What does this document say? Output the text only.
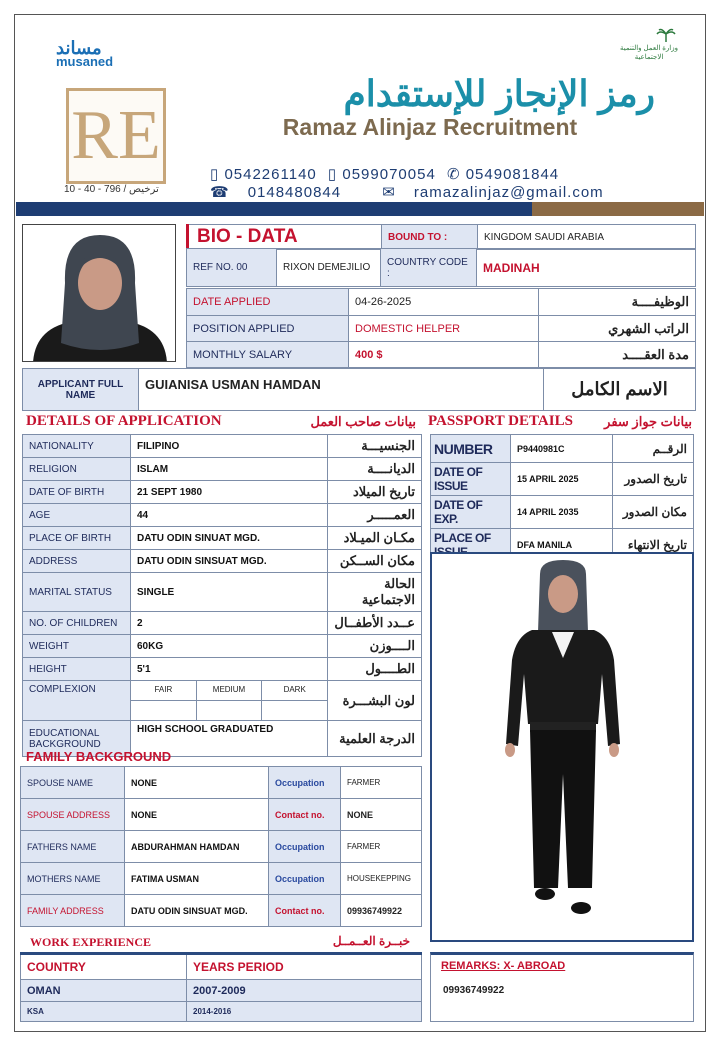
مساند
musaned
وزارة العمل والتنمية الاجتماعية
RE
ترخيص / 796 - 40 - 10
رمز الإنجاز للإستقدام
Ramaz Alinjaz Recruitment
▯ 0542261140 ▯ 0599070054 ✆ 0549081844
☎ 0148480844	✉ ramazalinjaz@gmail.com
BIO - DATA	BOUND TO :	KINGDOM SAUDI ARABIA
REF NO. 00	RIXON DEMEJILIO	COUNTRY CODE :	MADINAH
DATE APPLIED	04-26-2025	الوظيفــــة
POSITION APPLIED	DOMESTIC HELPER	الراتب الشهري
MONTHLY SALARY	400 $	مدة العقــــد
APPLICANT FULL NAME	GUIANISA USMAN HAMDAN	الاسم الكامل
DETAILS OF APPLICATION	بيانات صاحب العمل PASSPORT DETAILS	بيانات جواز سفر
NATIONALITY	FILIPINO	الجنسيـــة
RELIGION	ISLAM	الديانــــة
DATE OF BIRTH	21 SEPT 1980	تاريخ الميلاد
AGE	44	العمـــــر
PLACE OF BIRTH	DATU ODIN SINUAT MGD.	مكـان الميـلاد
ADDRESS	DATU ODIN SINSUAT MGD.	مكان الســكن
MARITAL STATUS	SINGLE	الحالة الاجتماعية
NO. OF CHILDREN	2	عــدد الأطفــال
WEIGHT	60KG	الــــوزن
HEIGHT	5'1	الطــــول
COMPLEXION	FAIR MEDIUM DARK	لون البشـــرة
EDUCATIONAL BACKGROUND	HIGH SCHOOL GRADUATED	الدرجة العلمية
NUMBER	P9440981C	الرقــم
DATE OF ISSUE	15 APRIL 2025	تاريخ الصدور
DATE OF EXP.	14 APRIL 2035	مكان الصدور
PLACE OF	DFA MANILA	تاريخ الانتهاء
FAMILY BACKGROUND
SPOUSE NAME	NONE	Occupation	FARMER
SPOUSE ADDRESS	NONE	Contact no.	NONE
FATHERS NAME	ABDURAHMAN HAMDAN	Occupation	FARMER
MOTHERS NAME	FATIMA USMAN	Occupation	HOUSEKEPPING
FAMILY ADDRESS	DATU ODIN SINSUAT MGD.	Contact no.	09936749922
WORK EXPERIENCE	خبــرة العــمــل
COUNTRY	YEARS PERIOD
OMAN	2007-2009
KSA	2014-2016
REMARKS: X- ABROAD
09936749922
